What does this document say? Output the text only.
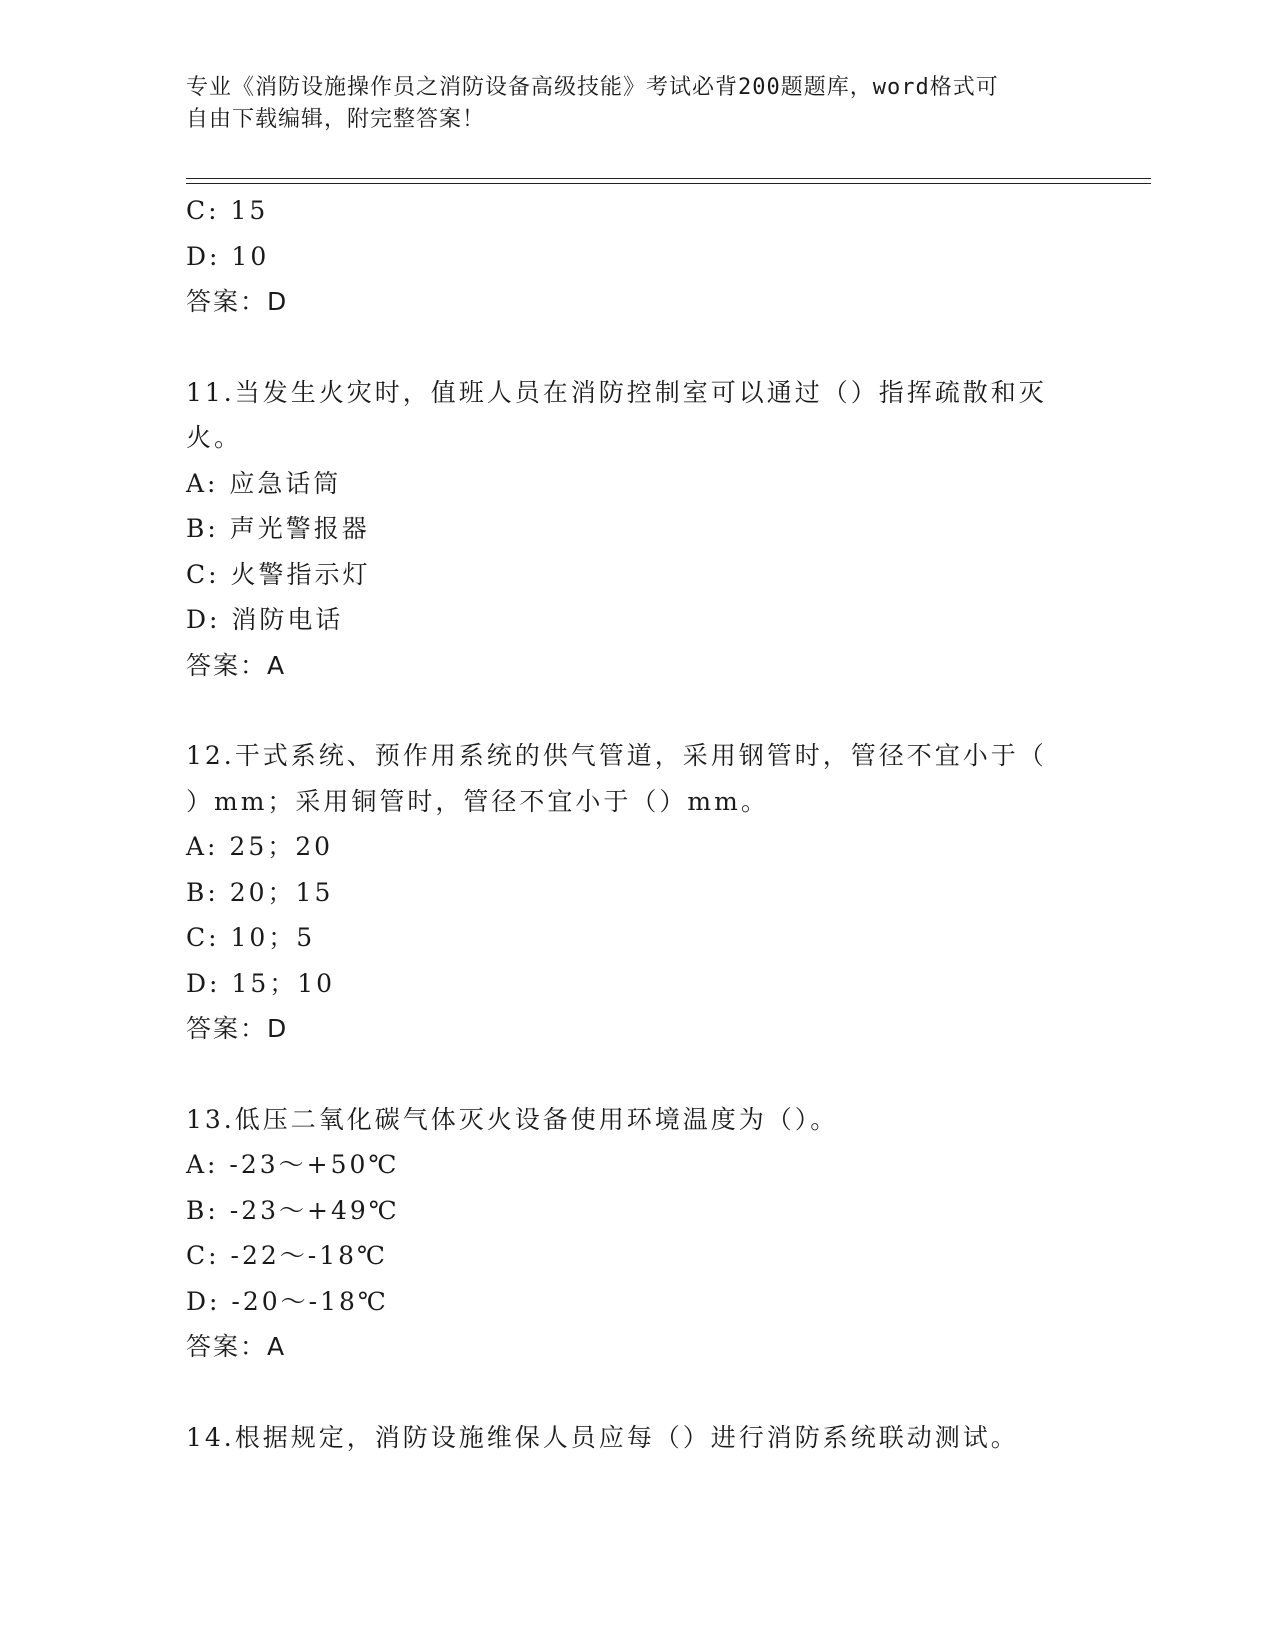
专业《消防设施操作员之消防设备高级技能》考试必背200题题库，word格式可
自由下载编辑，附完整答案！
C: 15
D: 10
答案：D
11.当发生火灾时，值班人员在消防控制室可以通过（）指挥疏散和灭
火。
A: 应急话筒
B: 声光警报器
C: 火警指示灯
D: 消防电话
答案：A
12.干式系统、预作用系统的供气管道，采用钢管时，管径不宜小于（
）mm；采用铜管时，管径不宜小于（）mm。
A: 25；20
B: 20；15
C: 10；5
D: 15；10
答案：D
13.低压二氧化碳气体灭火设备使用环境温度为（）。
A: -23～+50℃
B: -23～+49℃
C: -22～-18℃
D: -20～-18℃
答案：A
14.根据规定，消防设施维保人员应每（）进行消防系统联动测试。
